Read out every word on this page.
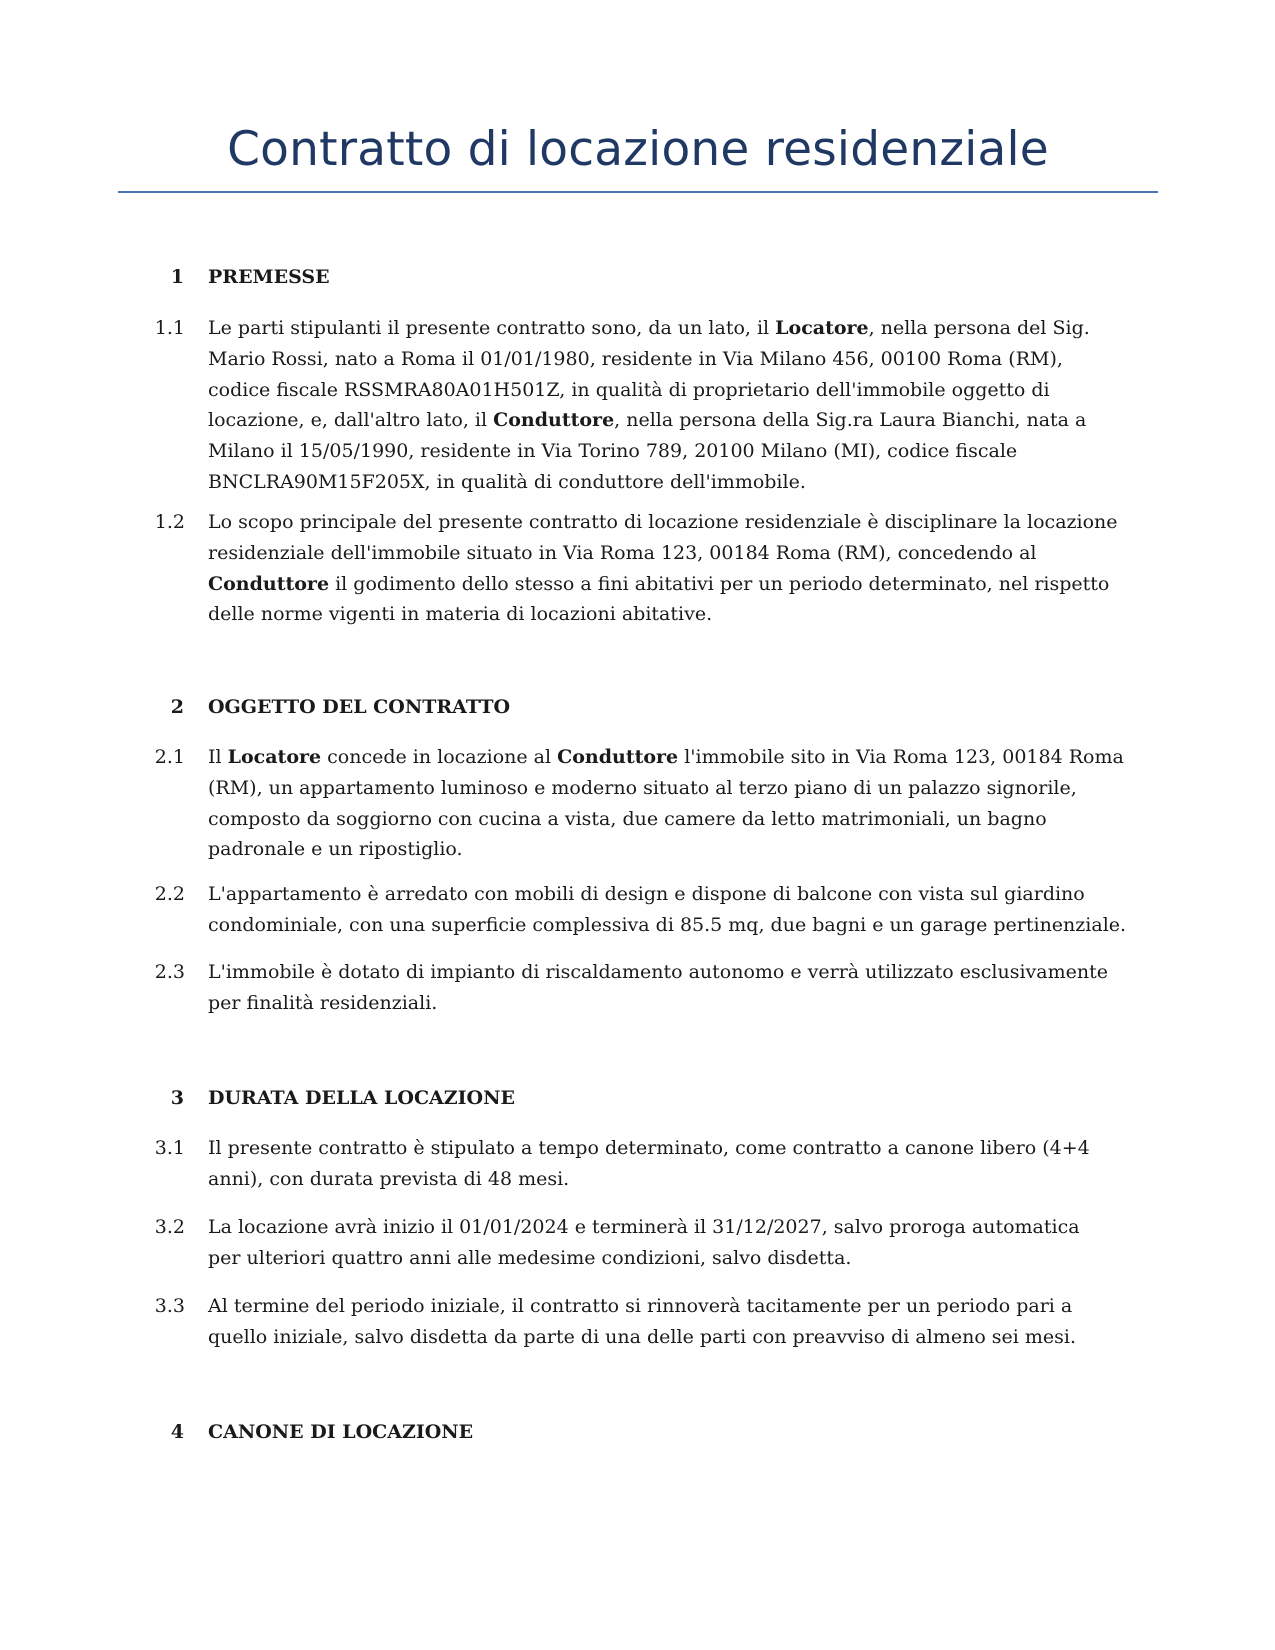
Contratto di locazione residenziale
1 PREMESSE
1.1 Le parti stipulanti il presente contratto sono, da un lato, il Locatore, nella persona del Sig.
Mario Rossi, nato a Roma il 01/01/1980, residente in Via Milano 456, 00100 Roma (RM),
codice fiscale RSSMRA80A01H501Z, in qualità di proprietario dell'immobile oggetto di
locazione, e, dall'altro lato, il Conduttore, nella persona della Sig.ra Laura Bianchi, nata a
Milano il 15/05/1990, residente in Via Torino 789, 20100 Milano (MI), codice fiscale
BNCLRA90M15F205X, in qualità di conduttore dell'immobile.
1.2 Lo scopo principale del presente contratto di locazione residenziale è disciplinare la locazione
residenziale dell'immobile situato in Via Roma 123, 00184 Roma (RM), concedendo al
Conduttore il godimento dello stesso a fini abitativi per un periodo determinato, nel rispetto
delle norme vigenti in materia di locazioni abitative.
2 OGGETTO DEL CONTRATTO
2.1 Il Locatore concede in locazione al Conduttore l'immobile sito in Via Roma 123, 00184 Roma
(RM), un appartamento luminoso e moderno situato al terzo piano di un palazzo signorile,
composto da soggiorno con cucina a vista, due camere da letto matrimoniali, un bagno
padronale e un ripostiglio.
2.2 L'appartamento è arredato con mobili di design e dispone di balcone con vista sul giardino
condominiale, con una superficie complessiva di 85.5 mq, due bagni e un garage pertinenziale.
2.3 L'immobile è dotato di impianto di riscaldamento autonomo e verrà utilizzato esclusivamente
per finalità residenziali.
3 DURATA DELLA LOCAZIONE
3.1 Il presente contratto è stipulato a tempo determinato, come contratto a canone libero (4+4
anni), con durata prevista di 48 mesi.
3.2 La locazione avrà inizio il 01/01/2024 e terminerà il 31/12/2027, salvo proroga automatica
per ulteriori quattro anni alle medesime condizioni, salvo disdetta.
3.3 Al termine del periodo iniziale, il contratto si rinnoverà tacitamente per un periodo pari a
quello iniziale, salvo disdetta da parte di una delle parti con preavviso di almeno sei mesi.
4 CANONE DI LOCAZIONE
